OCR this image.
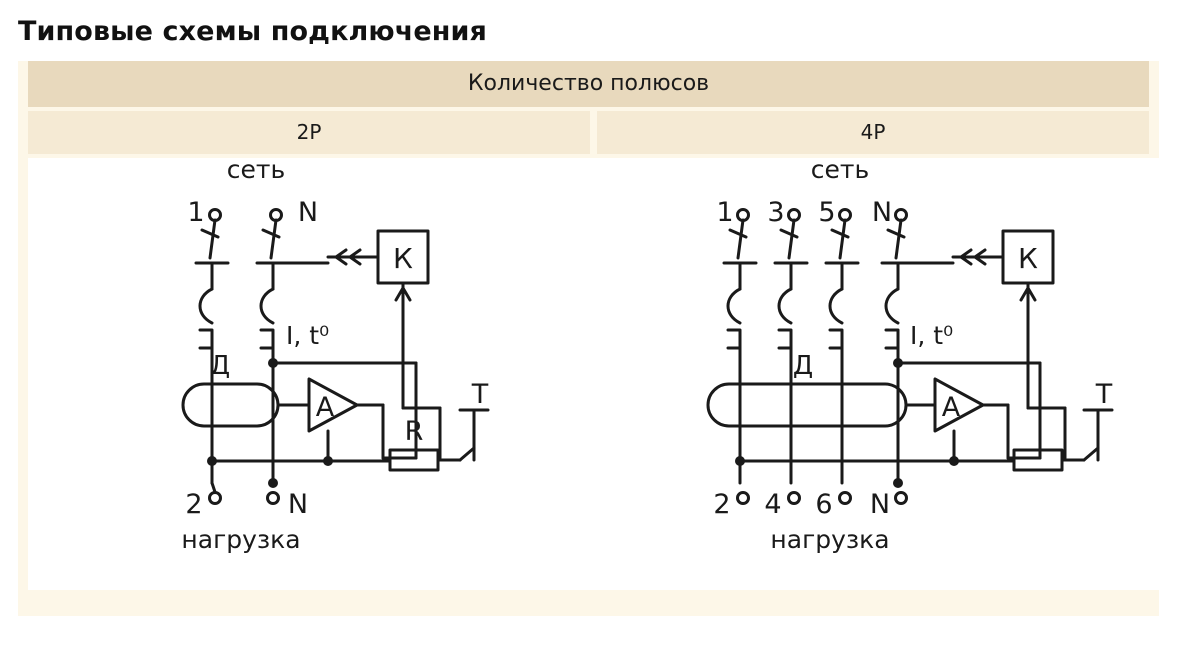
Типовые схемы подключения
Количество полюсов
2P	4P
сеть
1	N
I, t⁰
Д
А
К
Т
R
2	N
нагрузка
сеть
1 3 5 N
I, t⁰
Д
А
К
Т
2 4 6 N
нагрузка
